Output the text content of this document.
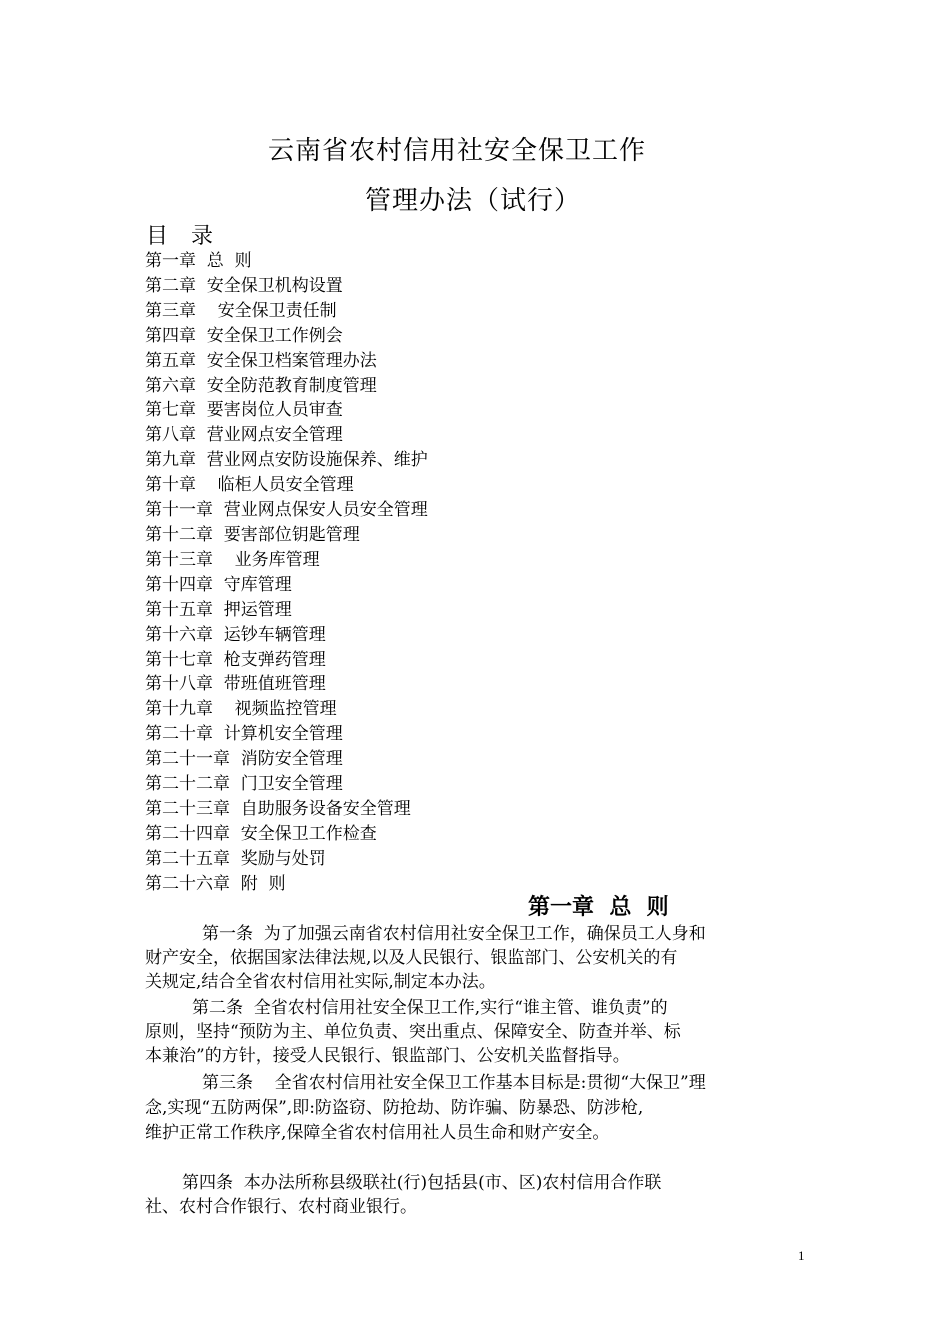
云南省农村信用社安全保卫工作
管理办法（试行）
目 录
第一章  总  则
第二章  安全保卫机构设置
第三章    安全保卫责任制
第四章  安全保卫工作例会
第五章  安全保卫档案管理办法
第六章  安全防范教育制度管理
第七章  要害岗位人员审查
第八章  营业网点安全管理
第九章  营业网点安防设施保养、维护
第十章    临柜人员安全管理
第十一章  营业网点保安人员安全管理
第十二章  要害部位钥匙管理
第十三章    业务库管理
第十四章  守库管理
第十五章  押运管理
第十六章  运钞车辆管理
第十七章  枪支弹药管理
第十八章  带班值班管理
第十九章    视频监控管理
第二十章  计算机安全管理
第二十一章  消防安全管理
第二十二章  门卫安全管理
第二十三章  自助服务设备安全管理
第二十四章  安全保卫工作检查
第二十五章  奖励与处罚
第二十六章  附  则
第一章  总  则
第一条  为了加强云南省农村信用社安全保卫工作，确保员工人身和
财产安全，依据国家法律法规,以及人民银行、银监部门、公安机关的有
关规定,结合全省农村信用社实际,制定本办法。
第二条  全省农村信用社安全保卫工作,实行“谁主管、谁负责”的
原则，坚持“预防为主、单位负责、突出重点、保障安全、防查并举、标
本兼治”的方针，接受人民银行、银监部门、公安机关监督指导。
第三条    全省农村信用社安全保卫工作基本目标是:贯彻“大保卫”理
念,实现“五防两保”,即:防盗窃、防抢劫、防诈骗、防暴恐、防涉枪,
维护正常工作秩序,保障全省农村信用社人员生命和财产安全。
第四条  本办法所称县级联社(行)包括县(市、区)农村信用合作联
社、农村合作银行、农村商业银行。
1
